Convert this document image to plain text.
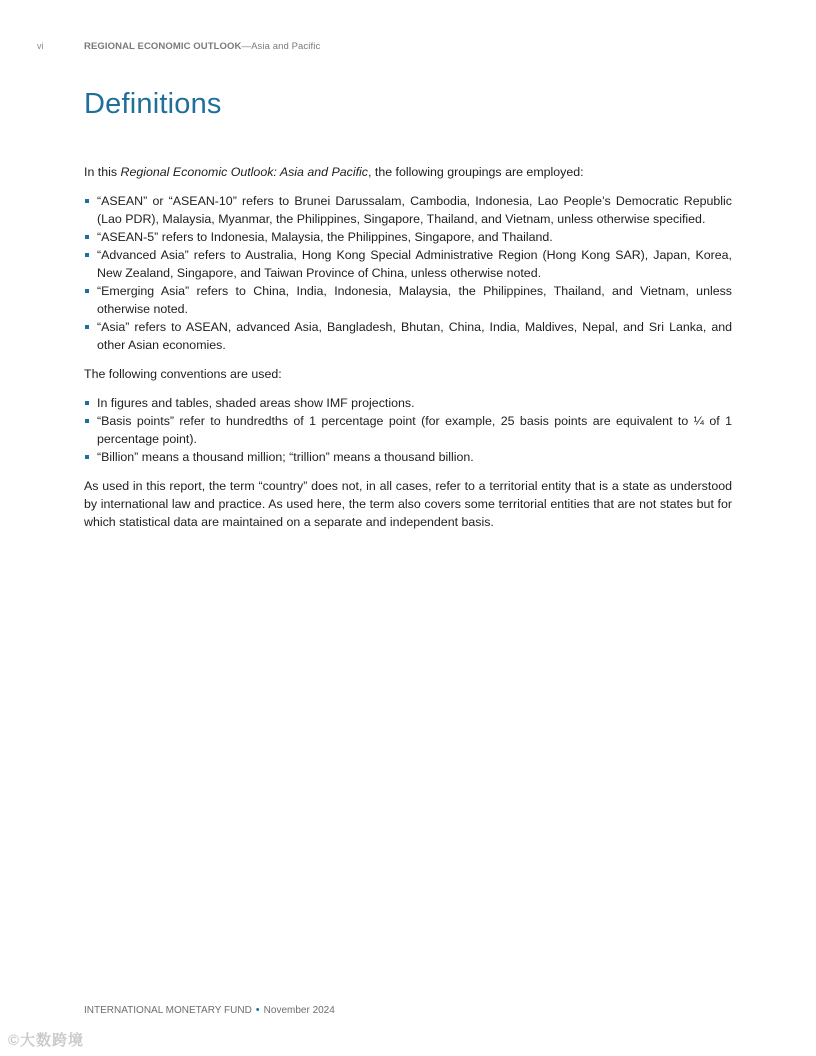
vi	REGIONAL ECONOMIC OUTLOOK—Asia and Pacific
Definitions

In this Regional Economic Outlook: Asia and Pacific, the following groupings are employed:

“ASEAN” or “ASEAN-10” refers to Brunei Darussalam, Cambodia, Indonesia, Lao People’s Democratic Republic (Lao PDR), Malaysia, Myanmar, the Philippines, Singapore, Thailand, and Vietnam, unless otherwise specified.
“ASEAN-5” refers to Indonesia, Malaysia, the Philippines, Singapore, and Thailand.
“Advanced Asia” refers to Australia, Hong Kong Special Administrative Region (Hong Kong SAR), Japan, Korea, New Zealand, Singapore, and Taiwan Province of China, unless otherwise noted.
“Emerging Asia” refers to China, India, Indonesia, Malaysia, the Philippines, Thailand, and Vietnam, unless otherwise noted.
“Asia” refers to ASEAN, advanced Asia, Bangladesh, Bhutan, China, India, Maldives, Nepal, and Sri Lanka, and other Asian economies.

The following conventions are used:

In figures and tables, shaded areas show IMF projections.
“Basis points” refer to hundredths of 1 percentage point (for example, 25 basis points are equivalent to ¼ of 1 percentage point).
“Billion” means a thousand million; “trillion” means a thousand billion.

As used in this report, the term “country” does not, in all cases, refer to a territorial entity that is a state as understood by international law and practice. As used here, the term also covers some territorial entities that are not states but for which statistical data are maintained on a separate and independent basis.

INTERNATIONAL MONETARY FUND • November 2024
©大数跨境
